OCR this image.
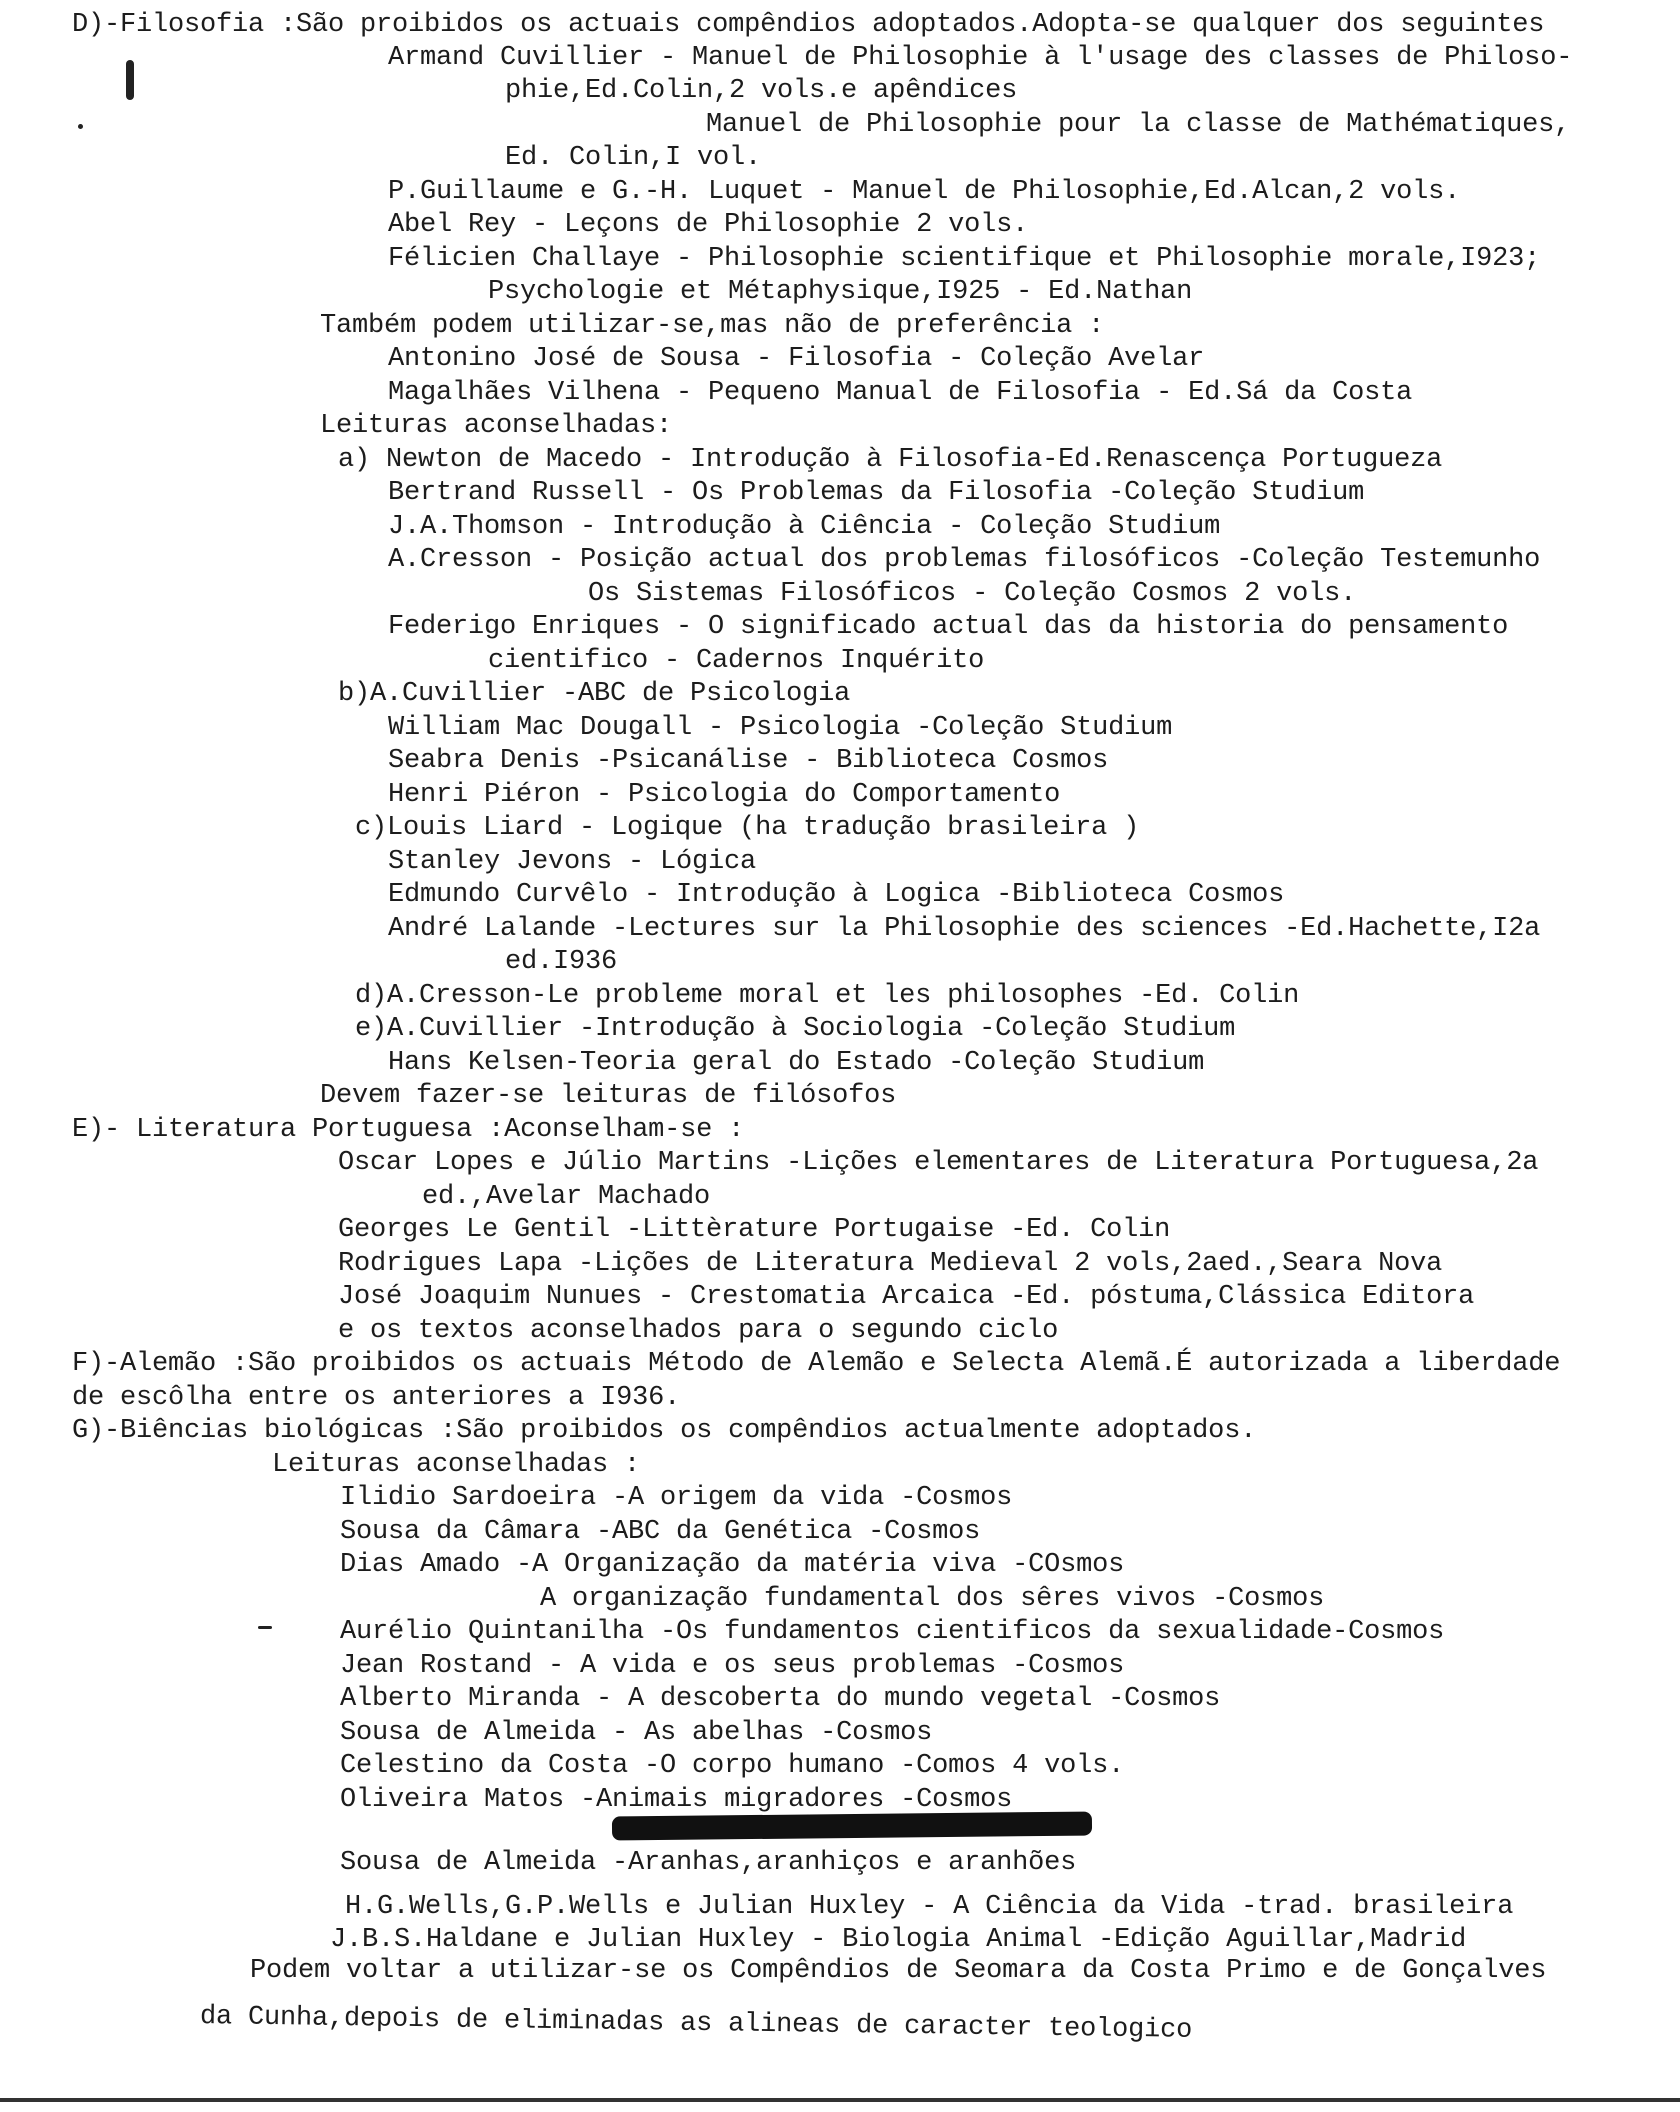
D)-Filosofia :São proibidos os actuais compêndios adoptados.Adopta-se qualquer dos seguintes
Armand Cuvillier - Manuel de Philosophie à l'usage des classes de Philoso-
phie,Ed.Colin,2 vols.e apêndices
Manuel de Philosophie pour la classe de Mathématiques,
Ed. Colin,I vol.
P.Guillaume e G.-H. Luquet - Manuel de Philosophie,Ed.Alcan,2 vols.
Abel Rey - Leçons de Philosophie 2 vols.
Félicien Challaye - Philosophie scientifique et Philosophie morale,I923;
Psychologie et Métaphysique,I925 - Ed.Nathan
Também podem utilizar-se,mas não de preferência :
Antonino José de Sousa - Filosofia - Coleção Avelar
Magalhães Vilhena - Pequeno Manual de Filosofia - Ed.Sá da Costa
Leituras aconselhadas:
a) Newton de Macedo - Introdução à Filosofia-Ed.Renascença Portugueza
Bertrand Russell - Os Problemas da Filosofia -Coleção Studium
J.A.Thomson - Introdução à Ciência - Coleção Studium
A.Cresson - Posição actual dos problemas filosóficos -Coleção Testemunho
Os Sistemas Filosóficos - Coleção Cosmos 2 vols.
Federigo Enriques - O significado actual das da historia do pensamento
cientifico - Cadernos Inquérito
b)A.Cuvillier -ABC de Psicologia
William Mac Dougall - Psicologia -Coleção Studium
Seabra Denis -Psicanálise - Biblioteca Cosmos
Henri Piéron - Psicologia do Comportamento
c)Louis Liard - Logique (ha tradução brasileira )
Stanley Jevons - Lógica
Edmundo Curvêlo - Introdução à Logica -Biblioteca Cosmos
André Lalande -Lectures sur la Philosophie des sciences -Ed.Hachette,I2a
ed.I936
d)A.Cresson-Le probleme moral et les philosophes -Ed. Colin
e)A.Cuvillier -Introdução à Sociologia -Coleção Studium
Hans Kelsen-Teoria geral do Estado -Coleção Studium
Devem fazer-se leituras de filósofos
E)- Literatura Portuguesa :Aconselham-se :
Oscar Lopes e Júlio Martins -Lições elementares de Literatura Portuguesa,2a
ed.,Avelar Machado
Georges Le Gentil -Littèrature Portugaise -Ed. Colin
Rodrigues Lapa -Lições de Literatura Medieval 2 vols,2aed.,Seara Nova
José Joaquim Nunues - Crestomatia Arcaica -Ed. póstuma,Clássica Editora
e os textos aconselhados para o segundo ciclo
F)-Alemão :São proibidos os actuais Método de Alemão e Selecta Alemã.É autorizada a liberdade
de escôlha entre os anteriores a I936.
G)-Biências biológicas :São proibidos os compêndios actualmente adoptados.
Leituras aconselhadas :
Ilidio Sardoeira -A origem da vida -Cosmos
Sousa da Câmara -ABC da Genética -Cosmos
Dias Amado -A Organização da matéria viva -COsmos
A organização fundamental dos sêres vivos -Cosmos
Aurélio Quintanilha -Os fundamentos cientificos da sexualidade-Cosmos
Jean Rostand - A vida e os seus problemas -Cosmos
Alberto Miranda - A descoberta do mundo vegetal -Cosmos
Sousa de Almeida - As abelhas -Cosmos
Celestino da Costa -O corpo humano -Comos 4 vols.
Oliveira Matos -Animais migradores -Cosmos
Sousa de Almeida -Aranhas,aranhiços e aranhões
H.G.Wells,G.P.Wells e Julian Huxley - A Ciência da Vida -trad. brasileira
J.B.S.Haldane e Julian Huxley - Biologia Animal -Edição Aguillar,Madrid
Podem voltar a utilizar-se os Compêndios de Seomara da Costa Primo e de Gonçalves
da Cunha,depois de eliminadas as alineas de caracter teologico
